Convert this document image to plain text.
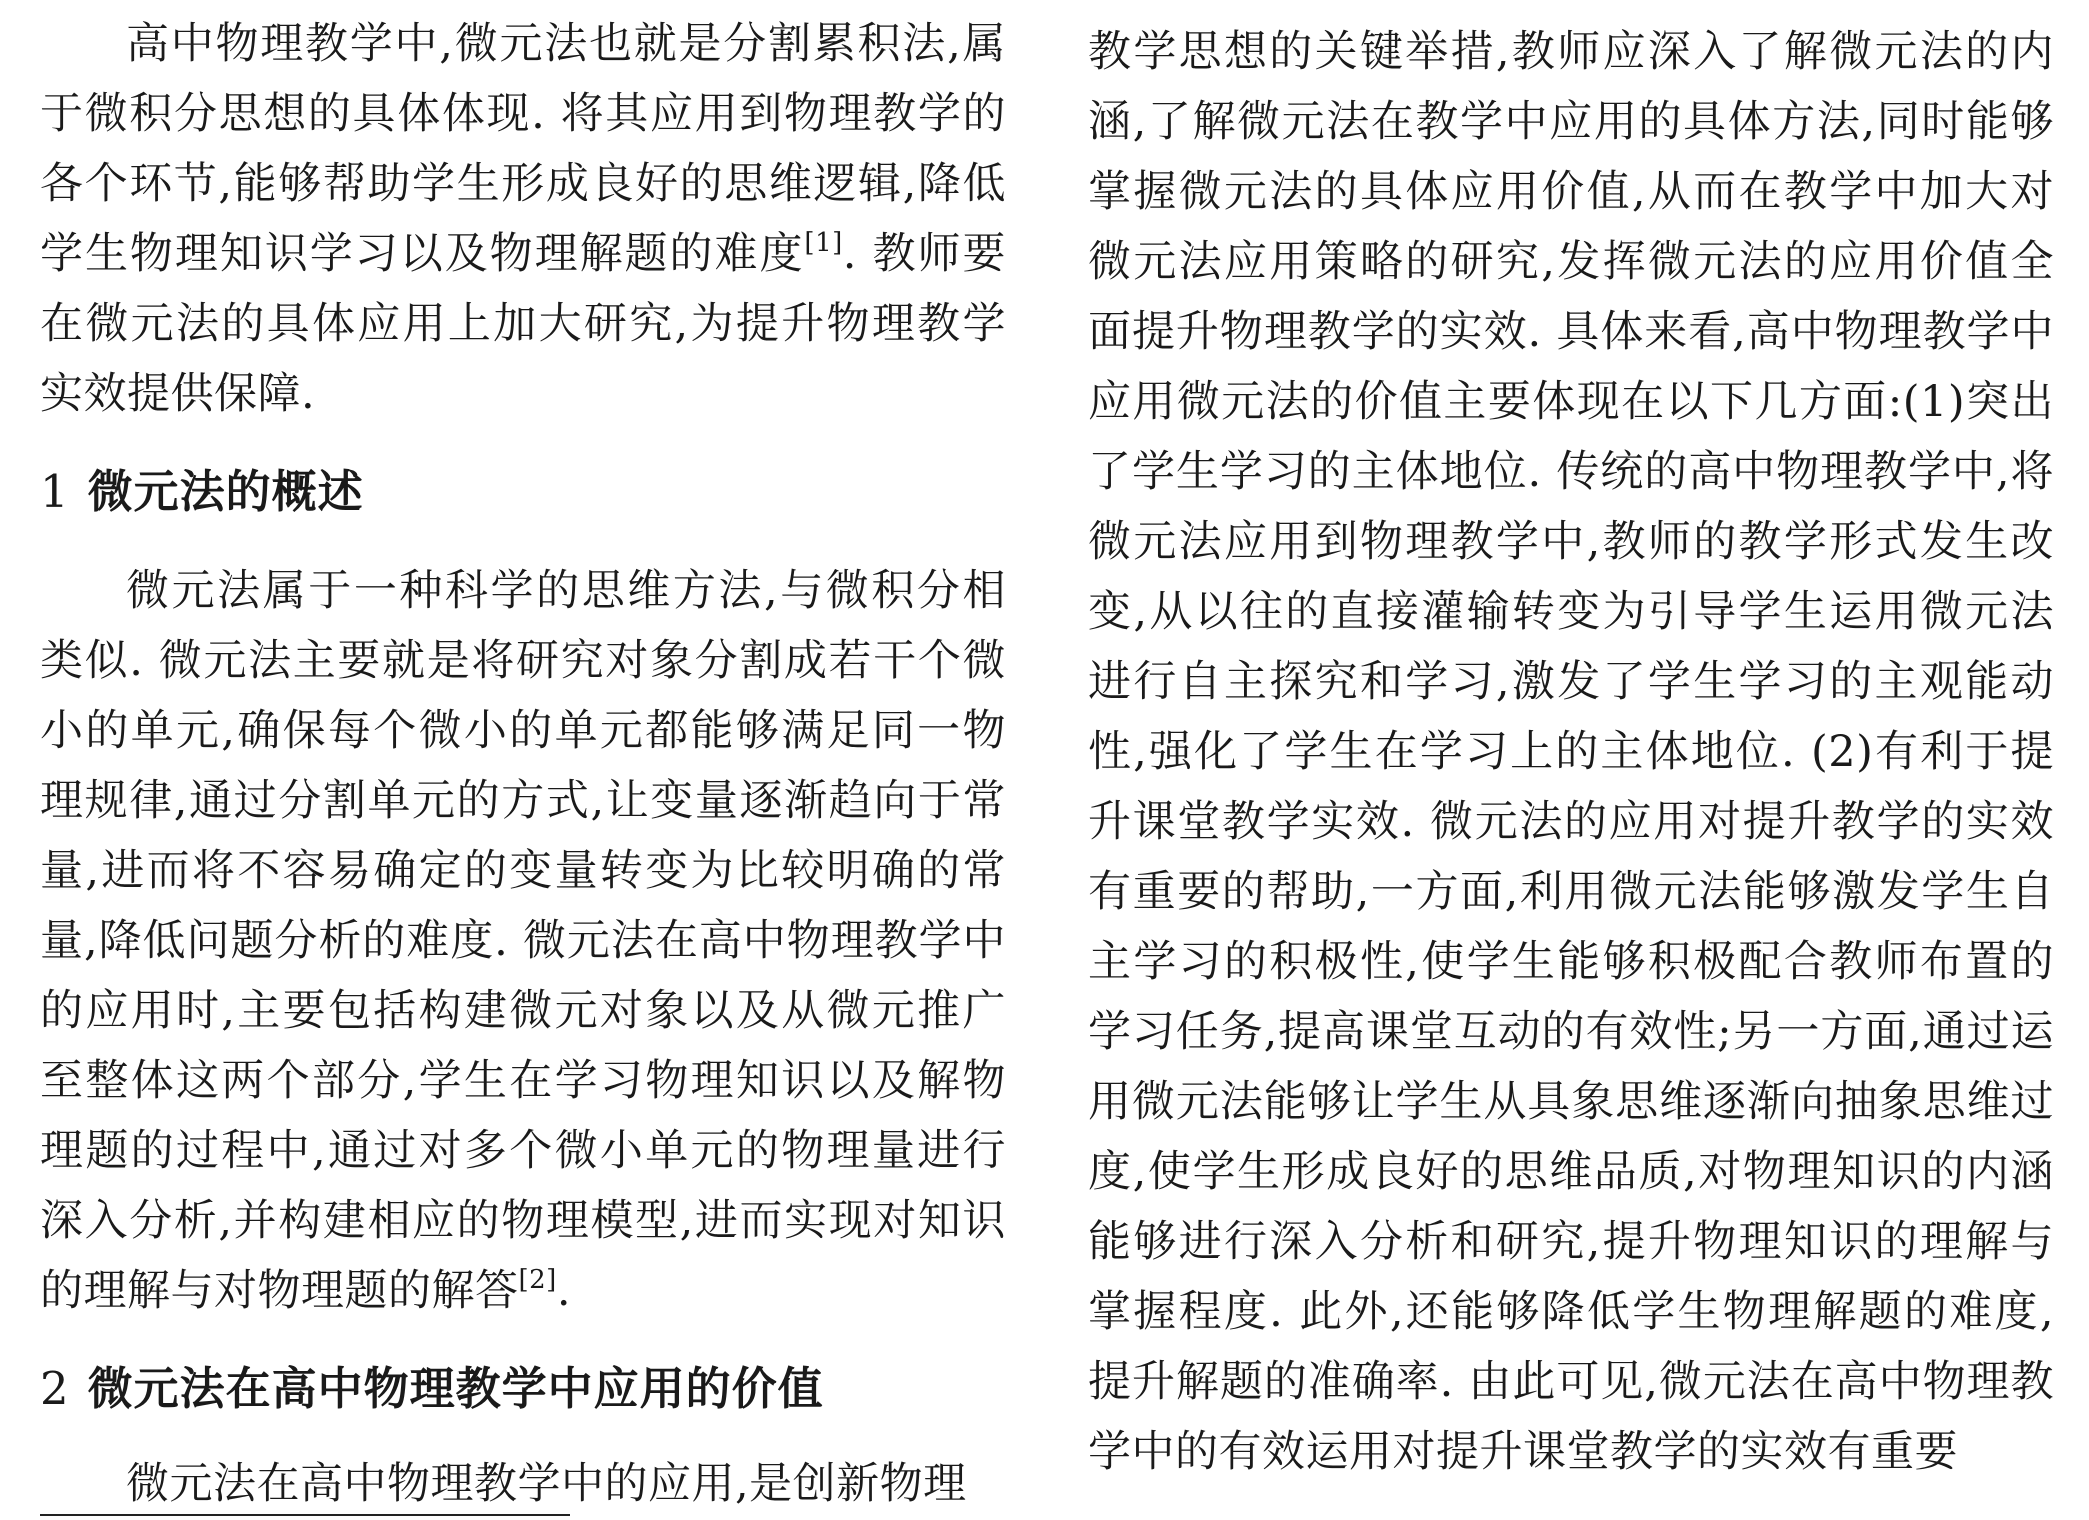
高中物理教学中,微元法也就是分割累积法,属于微积分思想的具体体现. 将其应用到物理教学的各个环节,能够帮助学生形成良好的思维逻辑,降低学生物理知识学习以及物理解题的难度[1]. 教师要在微元法的具体应用上加大研究,为提升物理教学实效提供保障.

1 微元法的概述

微元法属于一种科学的思维方法,与微积分相类似. 微元法主要就是将研究对象分割成若干个微小的单元,确保每个微小的单元都能够满足同一物理规律,通过分割单元的方式,让变量逐渐趋向于常量,进而将不容易确定的变量转变为比较明确的常量,降低问题分析的难度. 微元法在高中物理教学中的应用时,主要包括构建微元对象以及从微元推广至整体这两个部分,学生在学习物理知识以及解物理题的过程中,通过对多个微小单元的物理量进行深入分析,并构建相应的物理模型,进而实现对知识的理解与对物理题的解答[2].

2 微元法在高中物理教学中应用的价值

微元法在高中物理教学中的应用,是创新物理

教学思想的关键举措,教师应深入了解微元法的内涵,了解微元法在教学中应用的具体方法,同时能够掌握微元法的具体应用价值,从而在教学中加大对微元法应用策略的研究,发挥微元法的应用价值全面提升物理教学的实效. 具体来看,高中物理教学中应用微元法的价值主要体现在以下几方面:(1)突出了学生学习的主体地位. 传统的高中物理教学中,将微元法应用到物理教学中,教师的教学形式发生改变,从以往的直接灌输转变为引导学生运用微元法进行自主探究和学习,激发了学生学习的主观能动性,强化了学生在学习上的主体地位. (2)有利于提升课堂教学实效. 微元法的应用对提升教学的实效有重要的帮助,一方面,利用微元法能够激发学生自主学习的积极性,使学生能够积极配合教师布置的学习任务,提高课堂互动的有效性;另一方面,通过运用微元法能够让学生从具象思维逐渐向抽象思维过度,使学生形成良好的思维品质,对物理知识的内涵能够进行深入分析和研究,提升物理知识的理解与掌握程度. 此外,还能够降低学生物理解题的难度,提升解题的准确率. 由此可见,微元法在高中物理教学中的有效运用对提升课堂教学的实效有重要
